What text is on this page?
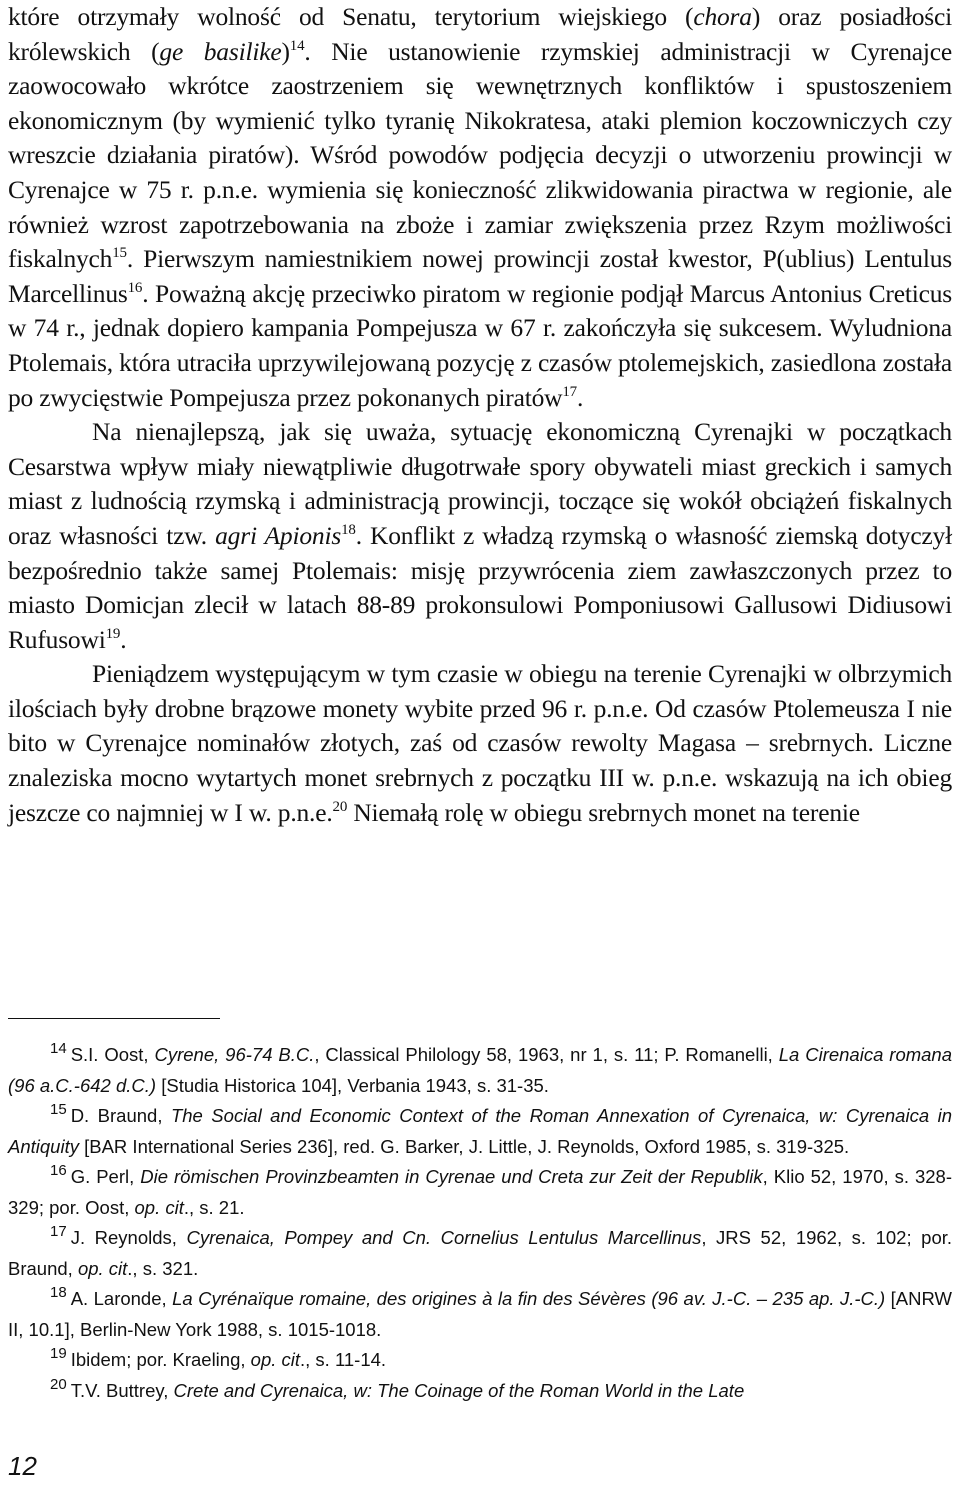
które otrzymały wolność od Senatu, terytorium wiejskiego (chora) oraz posiadłości królewskich (ge basilike)$^{14}$. Nie ustanowienie rzymskiej administracji w Cyrenajce zaowocowało wkrótce zaostrzeniem się wewnętrznych konfliktów i spustoszeniem ekonomicznym (by wymienić tylko tyranię Nikokratesa, ataki plemion koczowniczych czy wreszcie działania piratów). Wśród powodów podjęcia decyzji o utworzeniu prowincji w Cyrenajce w 75 r. p.n.e. wymienia się konieczność zlikwidowania piractwa w regionie, ale również wzrost zapotrzebowania na zboże i zamiar zwiększenia przez Rzym możliwości fiskalnych$^{15}$. Pierwszym namiestnikiem nowej prowincji został kwestor, P(ublius) Lentulus Marcellinus$^{16}$. Poważną akcję przeciwko piratom w regionie podjął Marcus Antonius Creticus w 74 r., jednak dopiero kampania Pompejusza w 67 r. zakończyła się sukcesem. Wyludniona Ptolemais, która utraciła uprzywilejowaną pozycję z czasów ptolemejskich, zasiedlona została po zwycięstwie Pompejusza przez pokonanych piratów$^{17}$.

Na nienajlepszą, jak się uważa, sytuację ekonomiczną Cyrenajki w początkach Cesarstwa wpływ miały niewątpliwie długotrwałe spory obywateli miast greckich i samych miast z ludnością rzymską i administracją prowincji, toczące się wokół obciążeń fiskalnych oraz własności tzw. agri Apionis$^{18}$. Konflikt z władzą rzymską o własność ziemską dotyczył bezpośrednio także samej Ptolemais: misję przywrócenia ziem zawłaszczonych przez to miasto Domicjan zlecił w latach 88-89 prokonsulowi Pomponiusowi Gallusowi Didiusowi Rufusowi$^{19}$.

Pieniądzem występującym w tym czasie w obiegu na terenie Cyrenajki w olbrzymich ilościach były drobne brązowe monety wybite przed 96 r. p.n.e. Od czasów Ptolemeusza I nie bito w Cyrenajce nominałów złotych, zaś od czasów rewolty Magasa – srebrnych. Liczne znaleziska mocno wytartych monet srebrnych z początku III w. p.n.e. wskazują na ich obieg jeszcze co najmniej w I w. p.n.e.$^{20}$ Niemałą rolę w obiegu srebrnych monet na terenie

$^{14}$ S.I. Oost, Cyrene, 96-74 B.C., Classical Philology 58, 1963, nr 1, s. 11; P. Romanelli, La Cirenaica romana (96 a.C.-642 d.C.) [Studia Historica 104], Verbania 1943, s. 31-35.

$^{15}$ D. Braund, The Social and Economic Context of the Roman Annexation of Cyrenaica, w: Cyrenaica in Antiquity [BAR International Series 236], red. G. Barker, J. Little, J. Reynolds, Oxford 1985, s. 319-325.

$^{16}$ G. Perl, Die römischen Provinzbeamten in Cyrenae und Creta zur Zeit der Republik, Klio 52, 1970, s. 328-329; por. Oost, op. cit., s. 21.

$^{17}$ J. Reynolds, Cyrenaica, Pompey and Cn. Cornelius Lentulus Marcellinus, JRS 52, 1962, s. 102; por. Braund, op. cit., s. 321.

$^{18}$ A. Laronde, La Cyrénaïque romaine, des origines à la fin des Sévères (96 av. J.-C. – 235 ap. J.-C.) [ANRW II, 10.1], Berlin-New York 1988, s. 1015-1018.

$^{19}$ Ibidem; por. Kraeling, op. cit., s. 11-14.

$^{20}$ T.V. Buttrey, Crete and Cyrenaica, w: The Coinage of the Roman World in the Late

12
